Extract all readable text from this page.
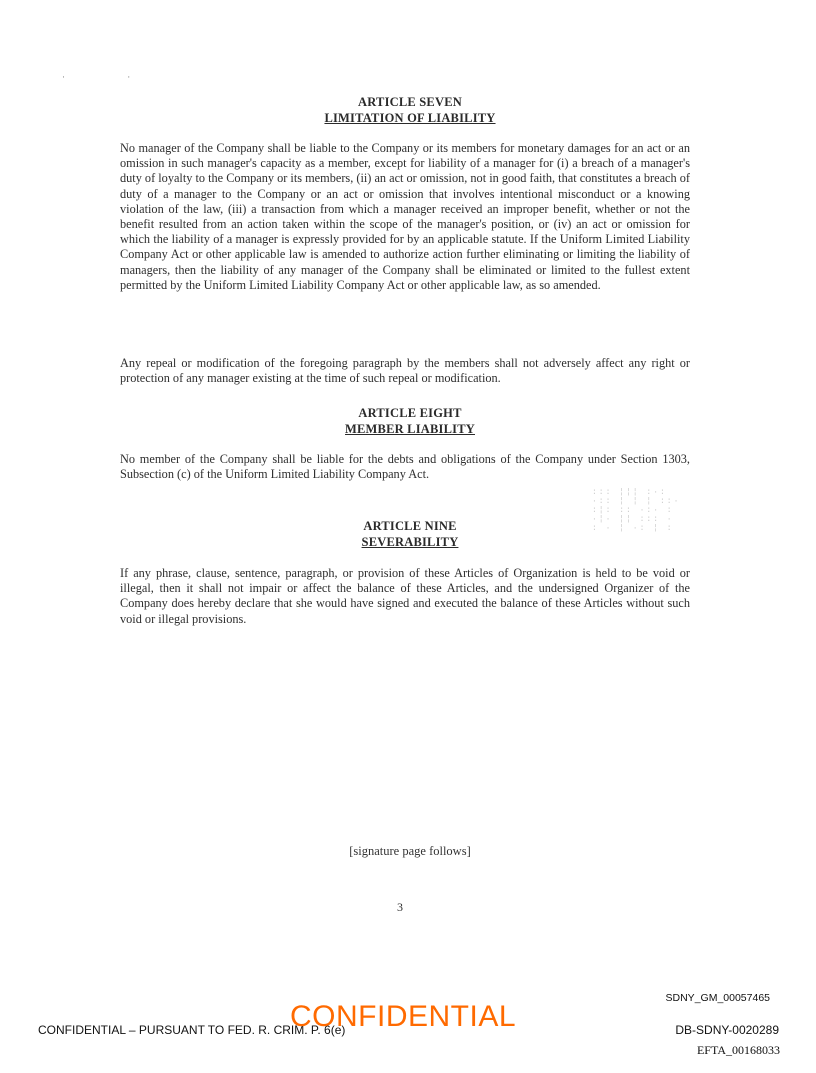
· ·
ARTICLE SEVEN
LIMITATION OF LIABILITY
No manager of the Company shall be liable to the Company or its members for monetary damages for an act or an omission in such manager's capacity as a member, except for liability of a manager for (i) a breach of a manager's duty of loyalty to the Company or its members, (ii) an act or omission, not in good faith, that constitutes a breach of duty of a manager to the Company or an act or omission that involves intentional misconduct or a knowing violation of the law, (iii) a transaction from which a manager received an improper benefit, whether or not the benefit resulted from an action taken within the scope of the manager's position, or (iv) an act or omission for which the liability of a manager is expressly provided for by an applicable statute. If the Uniform Limited Liability Company Act or other applicable law is amended to authorize action further eliminating or limiting the liability of managers, then the liability of any manager of the Company shall be eliminated or limited to the fullest extent permitted by the Uniform Limited Liability Company Act or other applicable law, as so amended.
Any repeal or modification of the foregoing paragraph by the members shall not adversely affect any right or protection of any manager existing at the time of such repeal or modification.
ARTICLE EIGHT
MEMBER LIABILITY
No member of the Company shall be liable for the debts and obligations of the Company under Section 1303, Subsection (c) of the Uniform Limited Liability Company Act.
::: ¦¦¦ :·:
·:: ¦ ¦ ¦ ::·
:¦: :: ·:· :
·¦· ¦¦ ::: ·
: · ¦ ·: ¦ :
ARTICLE NINE
SEVERABILITY
If any phrase, clause, sentence, paragraph, or provision of these Articles of Organization is held to be void or illegal, then it shall not impair or affect the balance of these Articles, and the undersigned Organizer of the Company does hereby declare that she would have signed and executed the balance of these Articles without such void or illegal provisions.
[signature page follows]
3
SDNY_GM_00057465
CONFIDENTIAL – PURSUANT TO FED. R. CRIM. P. 6(e)
CONFIDENTIAL	DB-SDNY-0020289
EFTA_00168033
